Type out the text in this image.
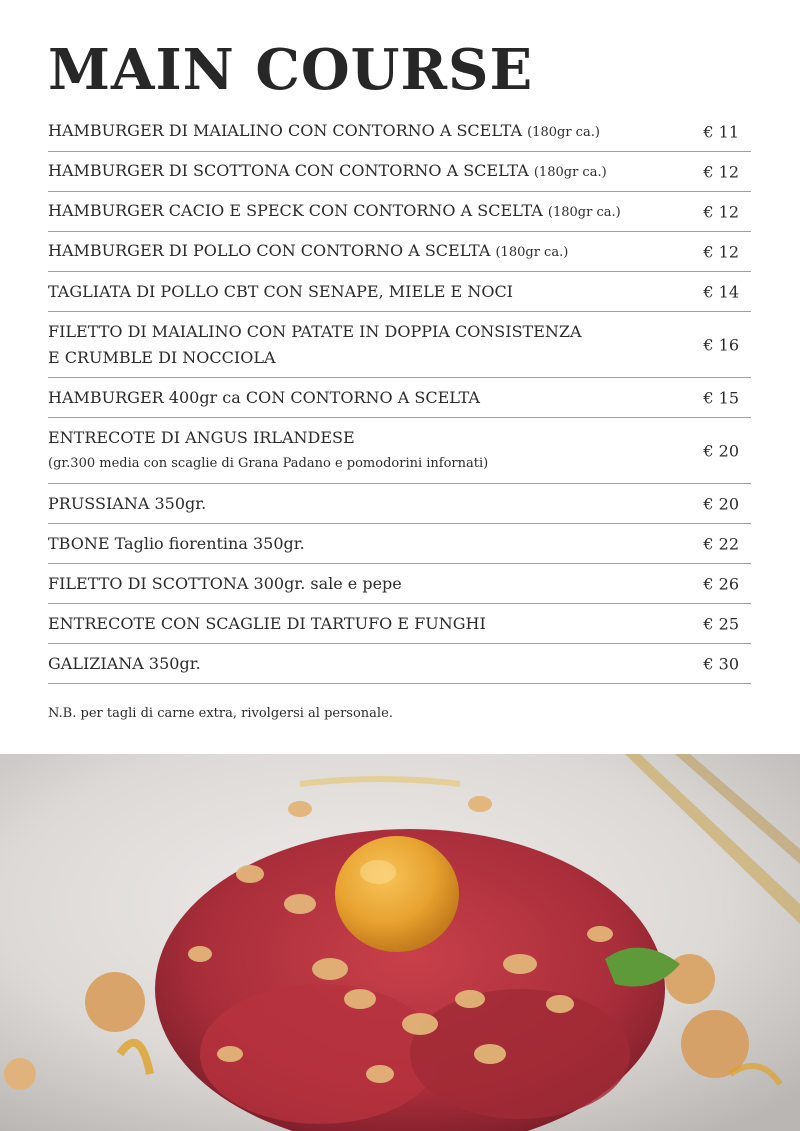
MAIN COURSE
HAMBURGER DI MAIALINO CON CONTORNO A SCELTA (180gr ca.)	€ 11
HAMBURGER DI SCOTTONA CON CONTORNO A SCELTA (180gr ca.)	€ 12
HAMBURGER CACIO E SPECK CON CONTORNO A SCELTA (180gr ca.)	€ 12
HAMBURGER DI POLLO CON CONTORNO A SCELTA (180gr ca.)	€ 12
TAGLIATA DI POLLO CBT CON SENAPE, MIELE E NOCI	€ 14
FILETTO DI MAIALINO CON PATATE IN DOPPIA CONSISTENZA
E CRUMBLE DI NOCCIOLA
€ 16
HAMBURGER 400gr ca CON CONTORNO A SCELTA	€ 15
ENTRECOTE DI ANGUS IRLANDESE
(gr.300 media con scaglie di Grana Padano e pomodorini infornati)
€ 20
PRUSSIANA 350gr.	€ 20
TBONE Taglio fiorentina 350gr.	€ 22
FILETTO DI SCOTTONA 300gr. sale e pepe	€ 26
ENTRECOTE CON SCAGLIE DI TARTUFO E FUNGHI	€ 25
GALIZIANA 350gr.	€ 30
N.B. per tagli di carne extra, rivolgersi al personale.
